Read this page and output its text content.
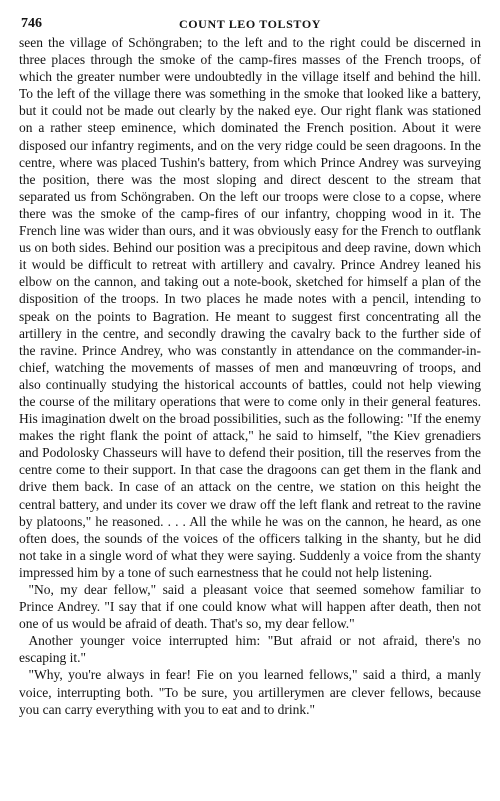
746	COUNT LEO TOLSTOY

seen the village of Schöngraben; to the left and to the right could be discerned in three places through the smoke of the camp-fires masses of the French troops, of which the greater number were undoubtedly in the village itself and behind the hill. To the left of the village there was something in the smoke that looked like a battery, but it could not be made out clearly by the naked eye. Our right flank was stationed on a rather steep eminence, which dominated the French position. About it were disposed our infantry regiments, and on the very ridge could be seen dragoons. In the centre, where was placed Tushin's battery, from which Prince Andrey was surveying the position, there was the most sloping and direct descent to the stream that separated us from Schöngraben. On the left our troops were close to a copse, where there was the smoke of the camp-fires of our infantry, chopping wood in it. The French line was wider than ours, and it was obviously easy for the French to outflank us on both sides. Behind our position was a precipitous and deep ravine, down which it would be difficult to retreat with artillery and cavalry. Prince Andrey leaned his elbow on the cannon, and taking out a note-book, sketched for himself a plan of the disposition of the troops. In two places he made notes with a pencil, intending to speak on the points to Bagration. He meant to suggest first concentrating all the artillery in the centre, and secondly drawing the cavalry back to the further side of the ravine. Prince Andrey, who was constantly in attendance on the commander-in-chief, watching the movements of masses of men and manœuvring of troops, and also continually studying the historical accounts of battles, could not help viewing the course of the military operations that were to come only in their general features. His imagination dwelt on the broad possibilities, such as the following: "If the enemy makes the right flank the point of attack," he said to himself, "the Kiev grenadiers and Podolosky Chasseurs will have to defend their position, till the reserves from the centre come to their support. In that case the dragoons can get them in the flank and drive them back. In case of an attack on the centre, we station on this height the central battery, and under its cover we draw off the left flank and retreat to the ravine by platoons," he reasoned. . . . All the while he was on the cannon, he heard, as one often does, the sounds of the voices of the officers talking in the shanty, but he did not take in a single word of what they were saying. Suddenly a voice from the shanty impressed him by a tone of such earnestness that he could not help listening.

"No, my dear fellow," said a pleasant voice that seemed somehow familiar to Prince Andrey. "I say that if one could know what will happen after death, then not one of us would be afraid of death. That's so, my dear fellow."

Another younger voice interrupted him: "But afraid or not afraid, there's no escaping it."

"Why, you're always in fear! Fie on you learned fellows," said a third, a manly voice, interrupting both. "To be sure, you artillerymen are clever fellows, because you can carry everything with you to eat and to drink."
